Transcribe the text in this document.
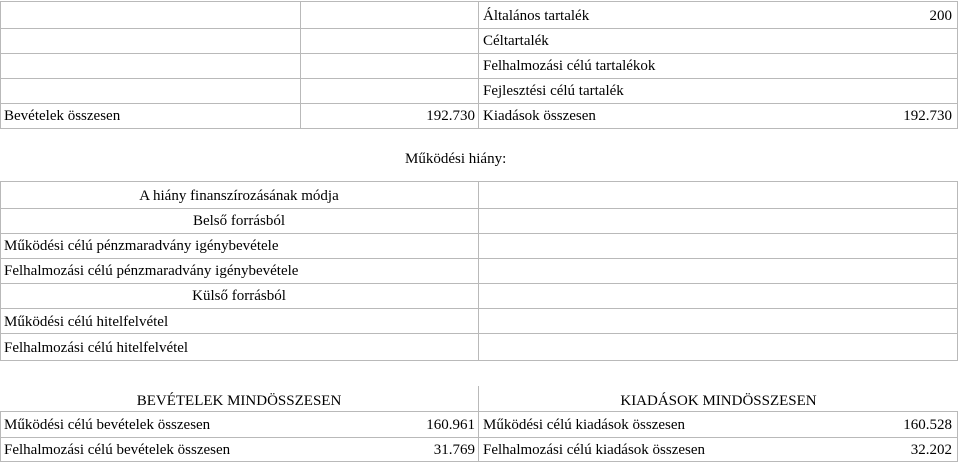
Általános tartalék	200
Céltartalék
Felhalmozási célú tartalékok
Fejlesztési célú tartalék
Bevételek összesen	192.730 Kiadások összesen	192.730
Működési hiány:
A hiány finanszírozásának módja
Belső forrásból
Működési célú pénzmaradvány igénybevétele
Felhalmozási célú pénzmaradvány igénybevétele
Külső forrásból
Működési célú hitelfelvétel
Felhalmozási célú hitelfelvétel
BEVÉTELEK MINDÖSSZESEN	KIADÁSOK MINDÖSSZESEN
Működési célú bevételek összesen	160.961 Működési célú kiadások összesen	160.528
Felhalmozási célú bevételek összesen	31.769 Felhalmozási célú kiadások összesen	32.202
